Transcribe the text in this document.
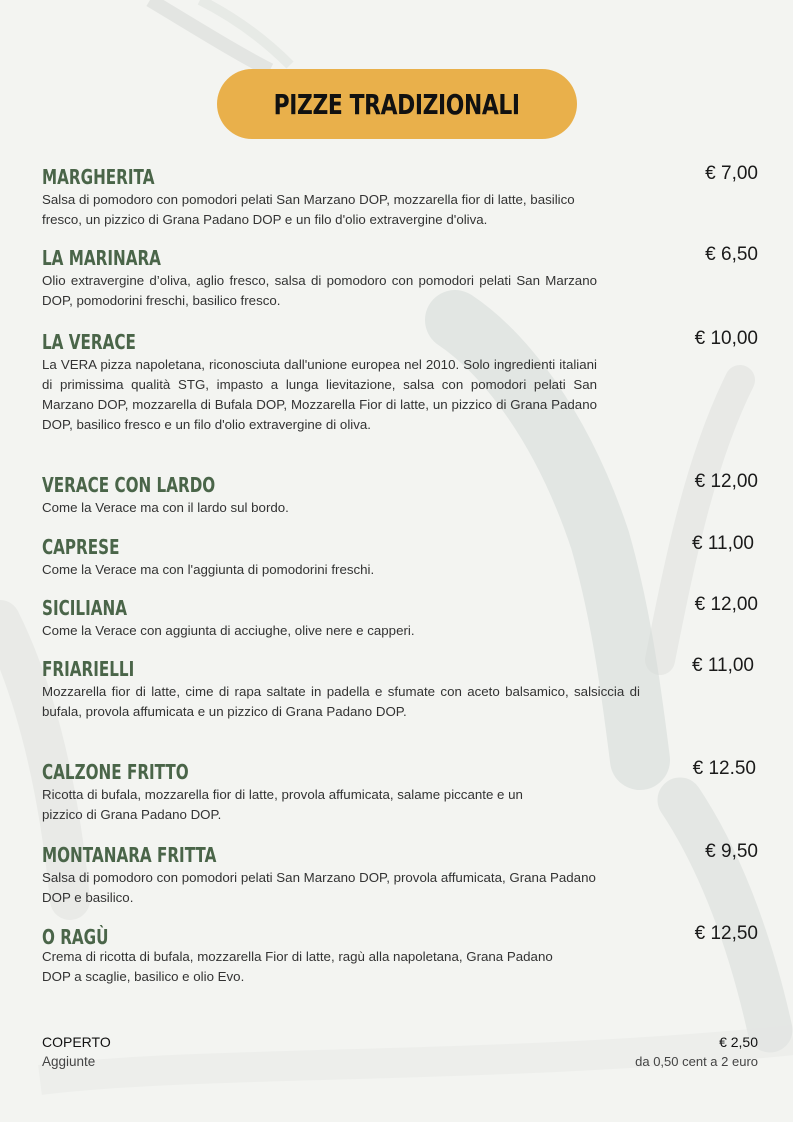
PIZZE TRADIZIONALI
MARGHERITA
Salsa di pomodoro con pomodori pelati San Marzano DOP, mozzarella fior di latte, basilico fresco, un pizzico di Grana Padano DOP e un filo d'olio extravergine d'oliva.
€ 7,00
LA MARINARA
Olio extravergine d’oliva, aglio fresco, salsa di pomodoro con pomodori pelati San Marzano DOP, pomodorini freschi, basilico fresco.
€ 6,50
LA VERACE
La VERA pizza napoletana, riconosciuta dall'unione europea nel 2010. Solo ingredienti italiani di primissima qualità STG, impasto a lunga lievitazione, salsa con pomodori pelati San Marzano DOP, mozzarella di Bufala DOP, Mozzarella Fior di latte, un pizzico di Grana Padano DOP, basilico fresco e un filo d'olio extravergine di oliva.
€ 10,00
VERACE CON LARDO
Come la Verace ma con il lardo sul bordo.
€ 12,00
CAPRESE
Come la Verace ma con l'aggiunta di pomodorini freschi.
€ 11,00
SICILIANA
Come la Verace con aggiunta di acciughe, olive nere e capperi.
€ 12,00
FRIARIELLI
Mozzarella fior di latte, cime di rapa saltate in padella e sfumate con aceto balsamico, salsiccia di bufala, provola affumicata e un pizzico di Grana Padano DOP.
€ 11,00
CALZONE FRITTO
Ricotta di bufala, mozzarella fior di latte, provola affumicata, salame piccante e un pizzico di Grana Padano DOP.
€ 12.50
MONTANARA FRITTA
Salsa di pomodoro con pomodori pelati San Marzano DOP, provola affumicata, Grana Padano DOP e basilico.
€ 9,50
O RAGÙ
Crema di ricotta di bufala, mozzarella Fior di latte, ragù alla napoletana, Grana Padano DOP a scaglie, basilico e olio Evo.
€ 12,50
COPERTO	€ 2,50
Aggiunte	da 0,50 cent a 2 euro
